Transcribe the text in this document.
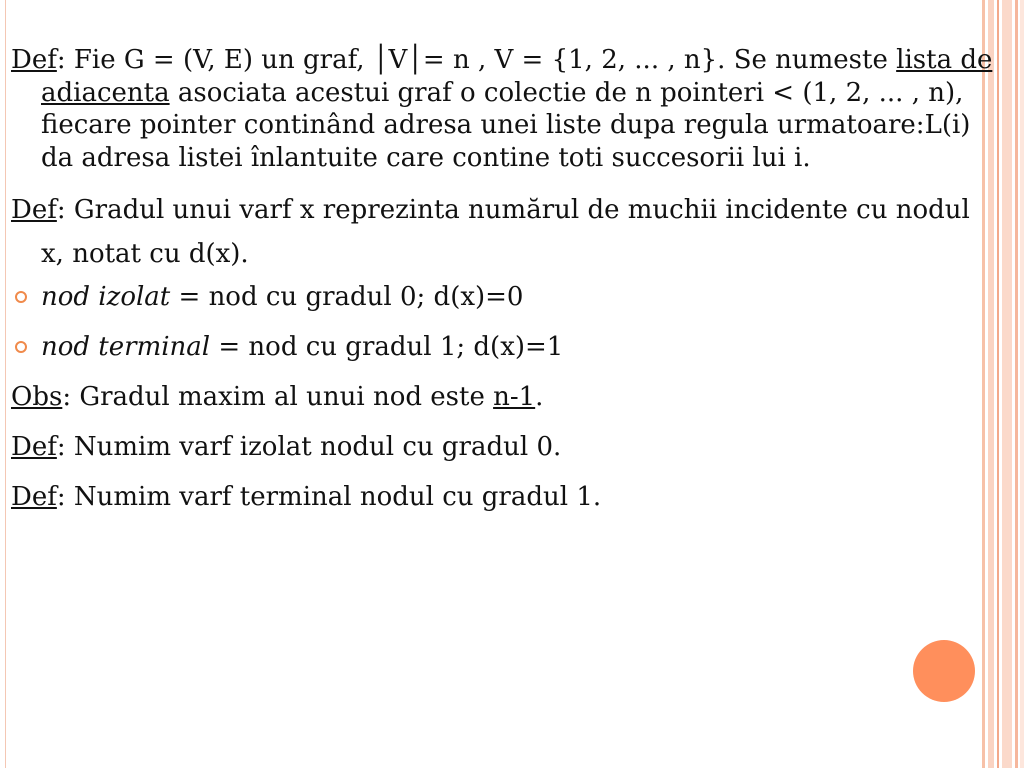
Def: Fie G = (V, E) un graf, │V│= n , V = {1, 2, ... , n}. Se numeste lista de adiacenta asociata acestui graf o colectie de n pointeri < (1, 2, ... , n), fiecare pointer continând adresa unei liste dupa regula urmatoare:L(i) da adresa listei înlantuite care contine toti succesorii lui i.

Def: Gradul unui varf x reprezinta numărul de muchii incidente cu nodul x, notat cu d(x).

nod izolat = nod cu gradul 0; d(x)=0
nod terminal = nod cu gradul 1; d(x)=1

Obs: Gradul maxim al unui nod este n-1.

Def: Numim varf izolat nodul cu gradul 0.

Def: Numim varf terminal nodul cu gradul 1.
